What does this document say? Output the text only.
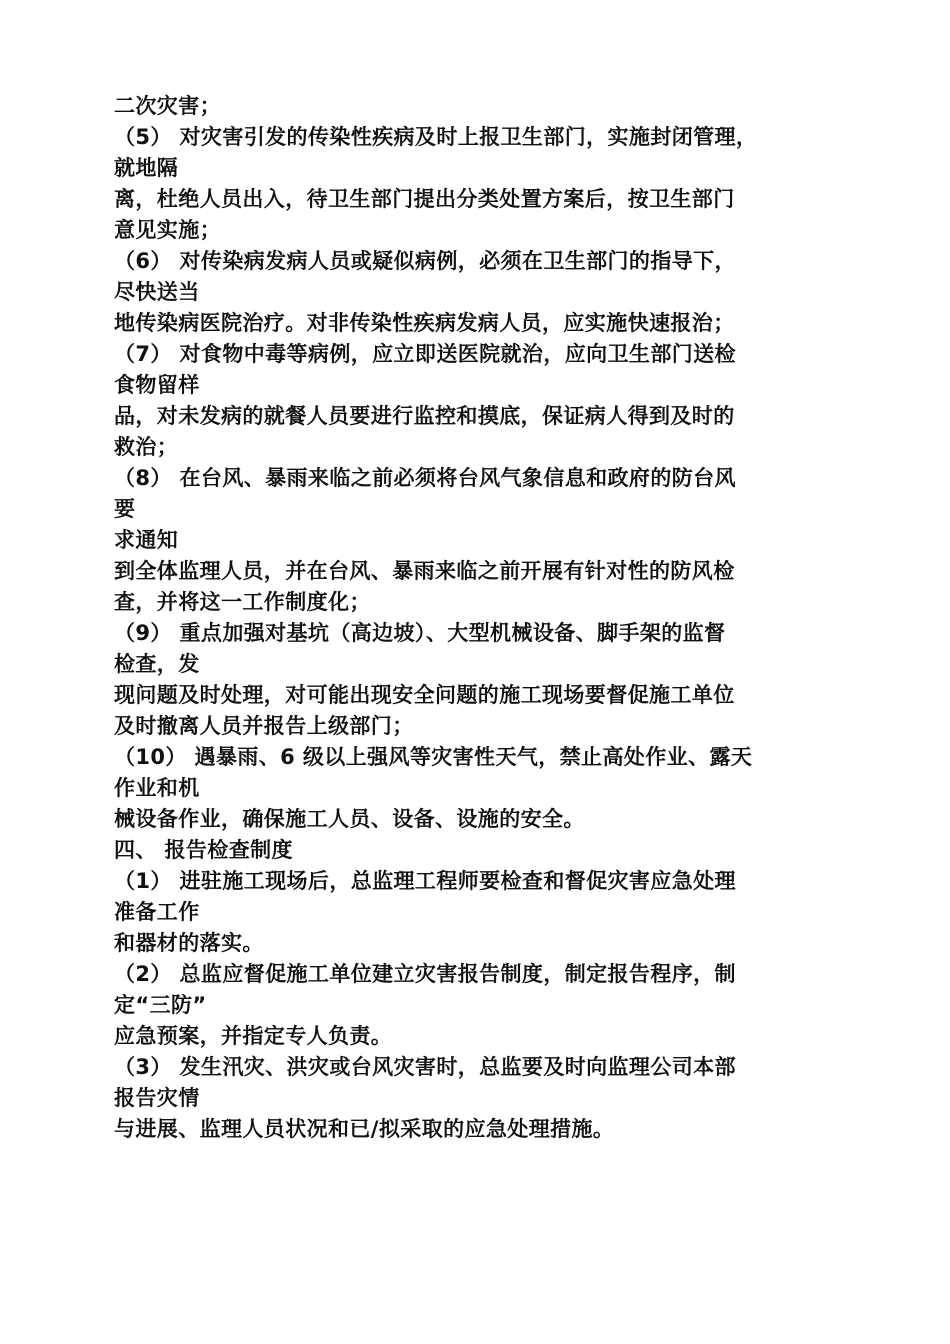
二次灾害；
（5） 对灾害引发的传染性疾病及时上报卫生部门，实施封闭管理，
就地隔
离，杜绝人员出入，待卫生部门提出分类处置方案后，按卫生部门
意见实施；
（6） 对传染病发病人员或疑似病例，必须在卫生部门的指导下，
尽快送当
地传染病医院治疗。对非传染性疾病发病人员，应实施快速报治；
（7） 对食物中毒等病例，应立即送医院就治，应向卫生部门送检
食物留样
品，对未发病的就餐人员要进行监控和摸底，保证病人得到及时的
救治；
（8） 在台风、暴雨来临之前必须将台风气象信息和政府的防台风
要
求通知
到全体监理人员，并在台风、暴雨来临之前开展有针对性的防风检
查，并将这一工作制度化；
（9） 重点加强对基坑（高边坡）、大型机械设备、脚手架的监督
检查，发
现问题及时处理，对可能出现安全问题的施工现场要督促施工单位
及时撤离人员并报告上级部门；
（10） 遇暴雨、6 级以上强风等灾害性天气，禁止高处作业、露天
作业和机
械设备作业，确保施工人员、设备、设施的安全。
四、 报告检查制度
（1） 进驻施工现场后，总监理工程师要检查和督促灾害应急处理
准备工作
和器材的落实。
（2） 总监应督促施工单位建立灾害报告制度，制定报告程序，制
定“三防”
应急预案，并指定专人负责。
（3） 发生汛灾、洪灾或台风灾害时，总监要及时向监理公司本部
报告灾情
与进展、监理人员状况和已/拟采取的应急处理措施。
